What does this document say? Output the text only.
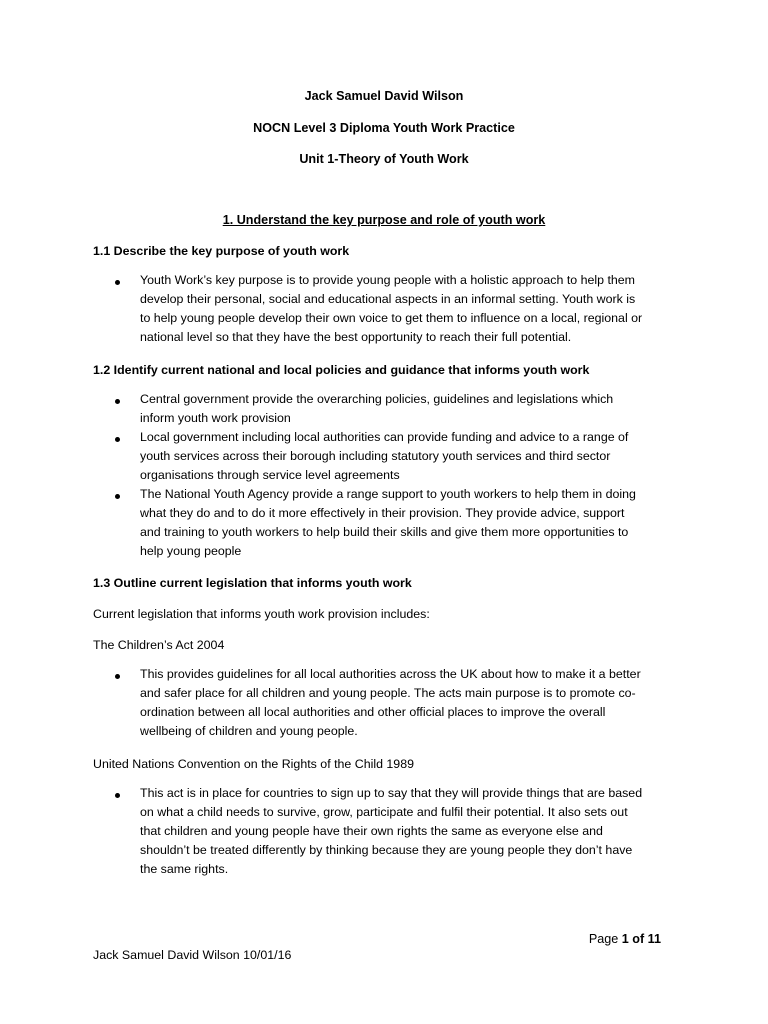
Jack Samuel David Wilson
NOCN Level 3 Diploma Youth Work Practice
Unit 1-Theory of Youth Work
1. Understand the key purpose and role of youth work
1.1 Describe the key purpose of youth work
Youth Work’s key purpose is to provide young people with a holistic approach to help them
develop their personal, social and educational aspects in an informal setting. Youth work is
to help young people develop their own voice to get them to influence on a local, regional or
national level so that they have the best opportunity to reach their full potential.
1.2 Identify current national and local policies and guidance that informs youth work
Central government provide the overarching policies, guidelines and legislations which
inform youth work provision
Local government including local authorities can provide funding and advice to a range of
youth services across their borough including statutory youth services and third sector
organisations through service level agreements
The National Youth Agency provide a range support to youth workers to help them in doing
what they do and to do it more effectively in their provision. They provide advice, support
and training to youth workers to help build their skills and give them more opportunities to
help young people
1.3 Outline current legislation that informs youth work
Current legislation that informs youth work provision includes:
The Children’s Act 2004
This provides guidelines for all local authorities across the UK about how to make it a better
and safer place for all children and young people. The acts main purpose is to promote co-
ordination between all local authorities and other official places to improve the overall
wellbeing of children and young people.
United Nations Convention on the Rights of the Child 1989
This act is in place for countries to sign up to say that they will provide things that are based
on what a child needs to survive, grow, participate and fulfil their potential. It also sets out
that children and young people have their own rights the same as everyone else and
shouldn’t be treated differently by thinking because they are young people they don’t have
the same rights.
Page 1 of 11
Jack Samuel David Wilson 10/01/16
